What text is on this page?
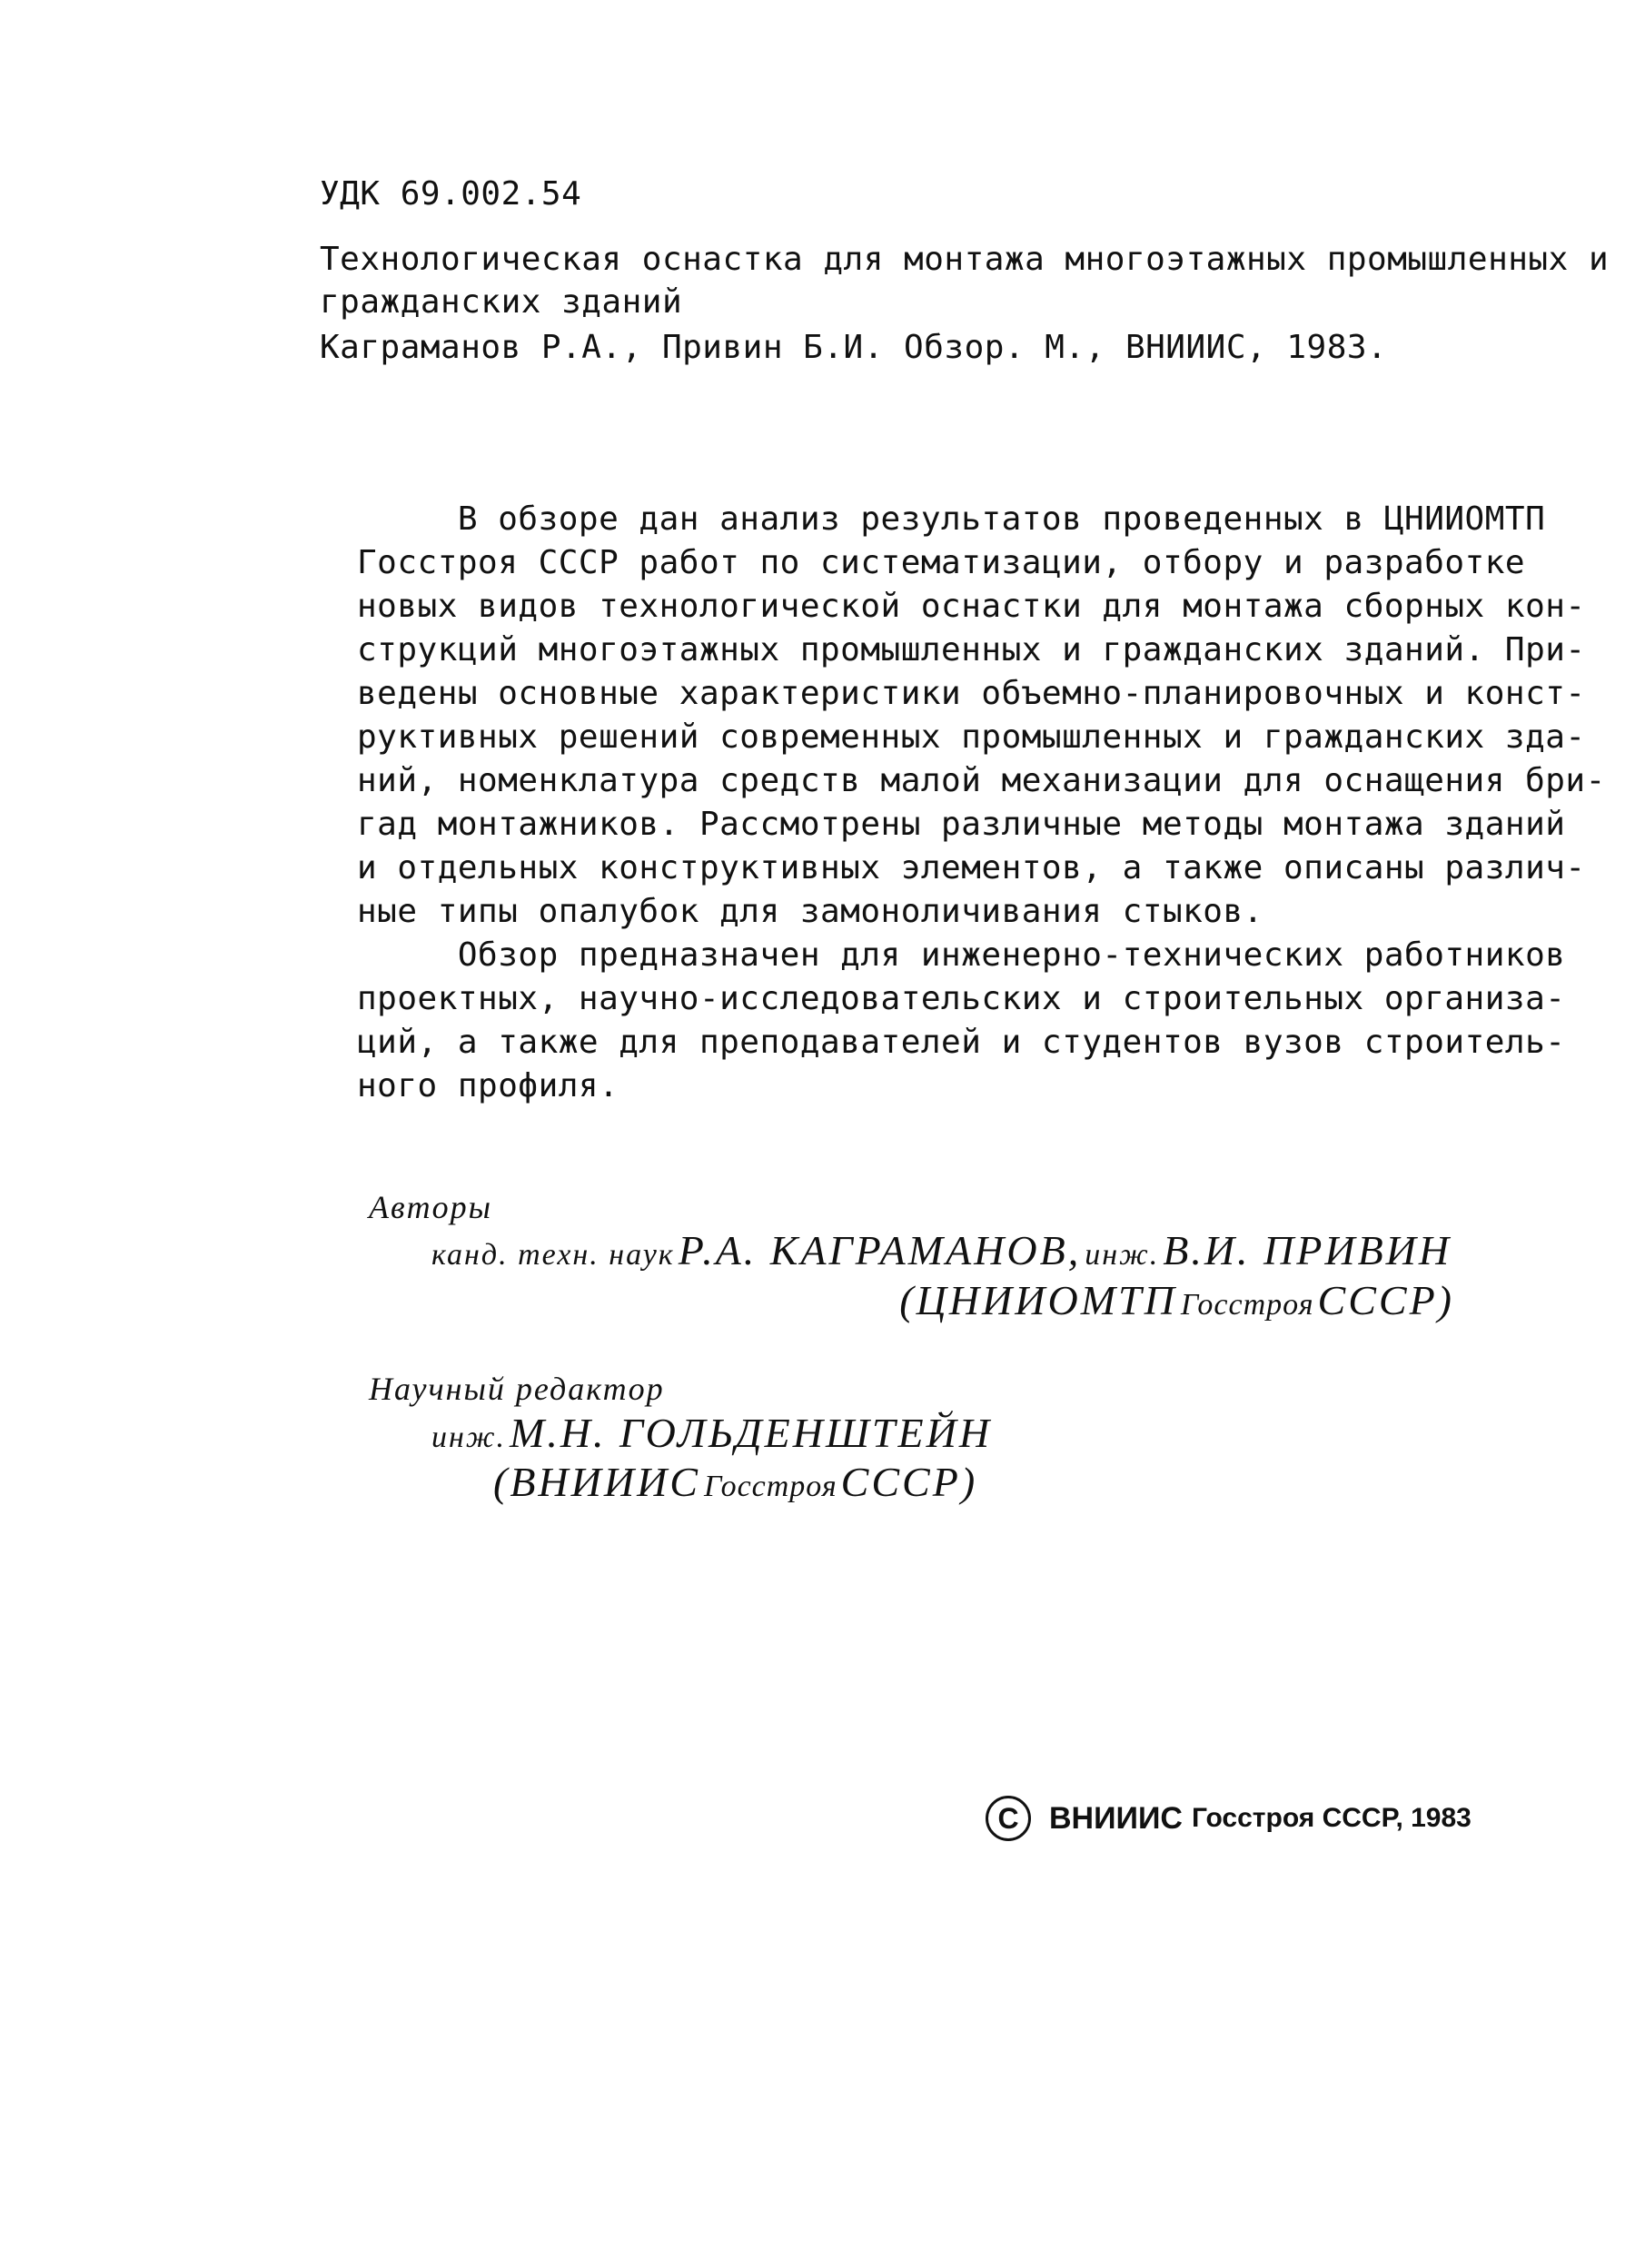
УДК 69.002.54
Технологическая оснастка для монтажа многоэтажных промышленных и
гражданских зданий
Каграманов Р.А., Привин Б.И. Обзор. М., ВНИИИС, 1983.
В обзоре дан анализ результатов проведенных в ЦНИИОМТП
Госстроя СССР работ по систематизации, отбору и разработке
новых видов технологической оснастки для монтажа сборных кон-
струкций многоэтажных промышленных и гражданских зданий. При-
ведены основные характеристики объемно-планировочных и конст-
руктивных решений современных промышленных и гражданских зда-
ний, номенклатура средств малой механизации для оснащения бри-
гад монтажников. Рассмотрены различные методы монтажа зданий
и отдельных конструктивных элементов, а также описаны различ-
ные типы опалубок для замоноличивания стыков.
Обзор предназначен для инженерно-технических работников
проектных, научно-исследовательских и строительных организа-
ций, а также для преподавателей и студентов вузов строитель-
ного профиля.
Авторы
канд. техн. наук Р.А. КАГРАМАНОВ, инж. В.И. ПРИВИН
(ЦНИИОМТП Госстроя СССР)
Научный редактор
инж. М.Н. ГОЛЬДЕНШТЕЙН
(ВНИИИС Госстроя СССР)
C ВНИИИС Госстроя СССР, 1983
